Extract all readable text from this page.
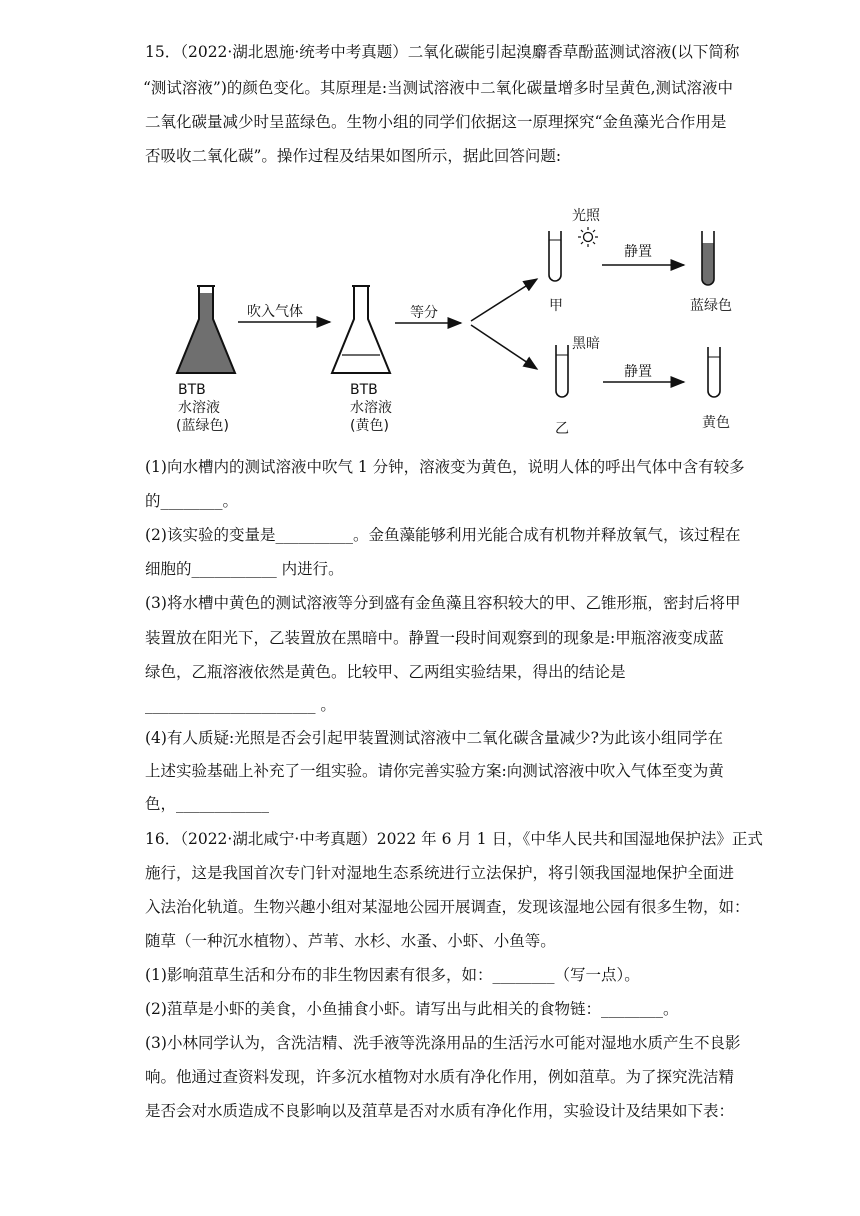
15．（2022·湖北恩施·统考中考真题）二氧化碳能引起溴麝香草酚蓝测试溶液(以下简称
“测试溶液”)的颜色变化。其原理是:当测试溶液中二氧化碳量增多时呈黄色,测试溶液中
二氧化碳量减少时呈蓝绿色。生物小组的同学们依据这一原理探究“金鱼藻光合作用是
否吸收二氧化碳”。操作过程及结果如图所示，据此回答问题:
BTB
水溶液
(蓝绿色)
吹入气体
BTB
水溶液
(黄色)
等分	甲
光照
静置
蓝绿色
乙
黑暗
静置
黄色
(1)向水槽内的测试溶液中吹气 1 分钟，溶液变为黄色，说明人体的呼出气体中含有较多
的________。
(2)该实验的变量是__________。金鱼藻能够利用光能合成有机物并释放氧气，该过程在
细胞的___________ 内进行。
(3)将水槽中黄色的测试溶液等分到盛有金鱼藻且容积较大的甲、乙锥形瓶，密封后将甲
装置放在阳光下，乙装置放在黑暗中。静置一段时间观察到的现象是:甲瓶溶液变成蓝
绿色，乙瓶溶液依然是黄色。比较甲、乙两组实验结果，得出的结论是
______________________ 。
(4)有人质疑:光照是否会引起甲装置测试溶液中二氧化碳含量减少?为此该小组同学在
上述实验基础上补充了一组实验。请你完善实验方案:向测试溶液中吹入气体至变为黄
色，____________
16．（2022·湖北咸宁·中考真题）2022 年 6 月 1 日，《中华人民共和国湿地保护法》正式
施行，这是我国首次专门针对湿地生态系统进行立法保护，将引领我国湿地保护全面进
入法治化轨道。生物兴趣小组对某湿地公园开展调查，发现该湿地公园有很多生物，如：
随草（一种沉水植物）、芦苇、水杉、水蚤、小虾、小鱼等。
(1)影响菹草生活和分布的非生物因素有很多，如：________（写一点）。
(2)菹草是小虾的美食，小鱼捕食小虾。请写出与此相关的食物链：________。
(3)小林同学认为，含洗洁精、洗手液等洗涤用品的生活污水可能对湿地水质产生不良影
响。他通过查资料发现，许多沉水植物对水质有净化作用，例如菹草。为了探究洗洁精
是否会对水质造成不良影响以及菹草是否对水质有净化作用，实验设计及结果如下表：
